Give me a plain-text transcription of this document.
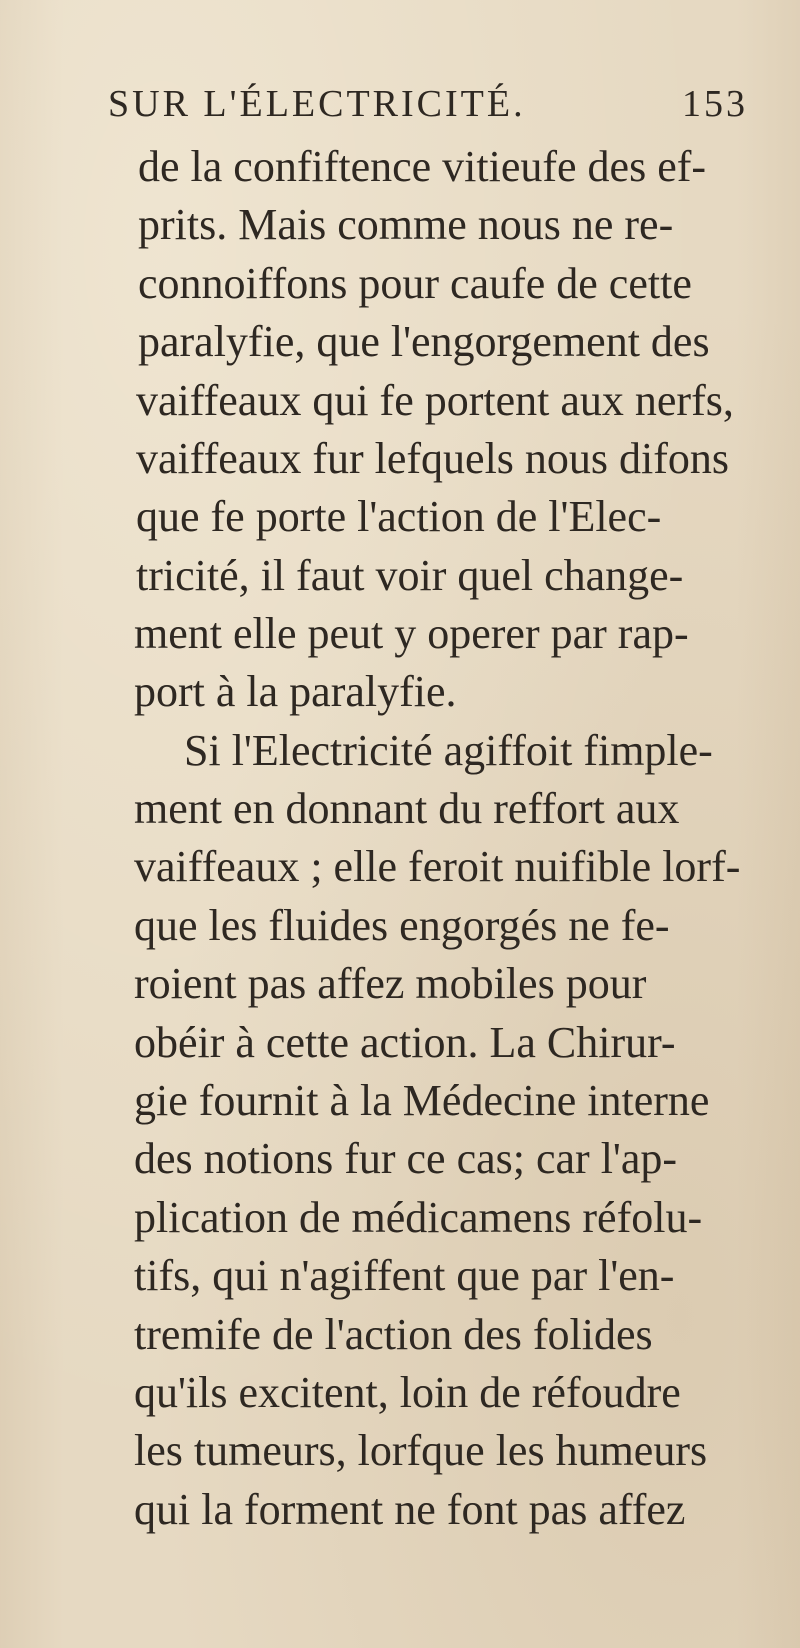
SUR L'ÉLECTRICITÉ.	153
de la confiftence vitieufe des ef-
prits. Mais comme nous ne re-
connoiffons pour caufe de cette
paralyfie, que l'engorgement des
vaiffeaux qui fe portent aux nerfs,
vaiffeaux fur lefquels nous difons
que fe porte l'action de l'Elec-
tricité, il faut voir quel change-
ment elle peut y operer par rap-
port à la paralyfie.
Si l'Electricité agiffoit fimple-
ment en donnant du reffort aux
vaiffeaux ; elle feroit nuifible lorf-
que les fluides engorgés ne fe-
roient pas affez mobiles pour
obéir à cette action. La Chirur-
gie fournit à la Médecine interne
des notions fur ce cas; car l'ap-
plication de médicamens réfolu-
tifs, qui n'agiffent que par l'en-
tremife de l'action des folides
qu'ils excitent, loin de réfoudre
les tumeurs, lorfque les humeurs
qui la forment ne font pas affez
